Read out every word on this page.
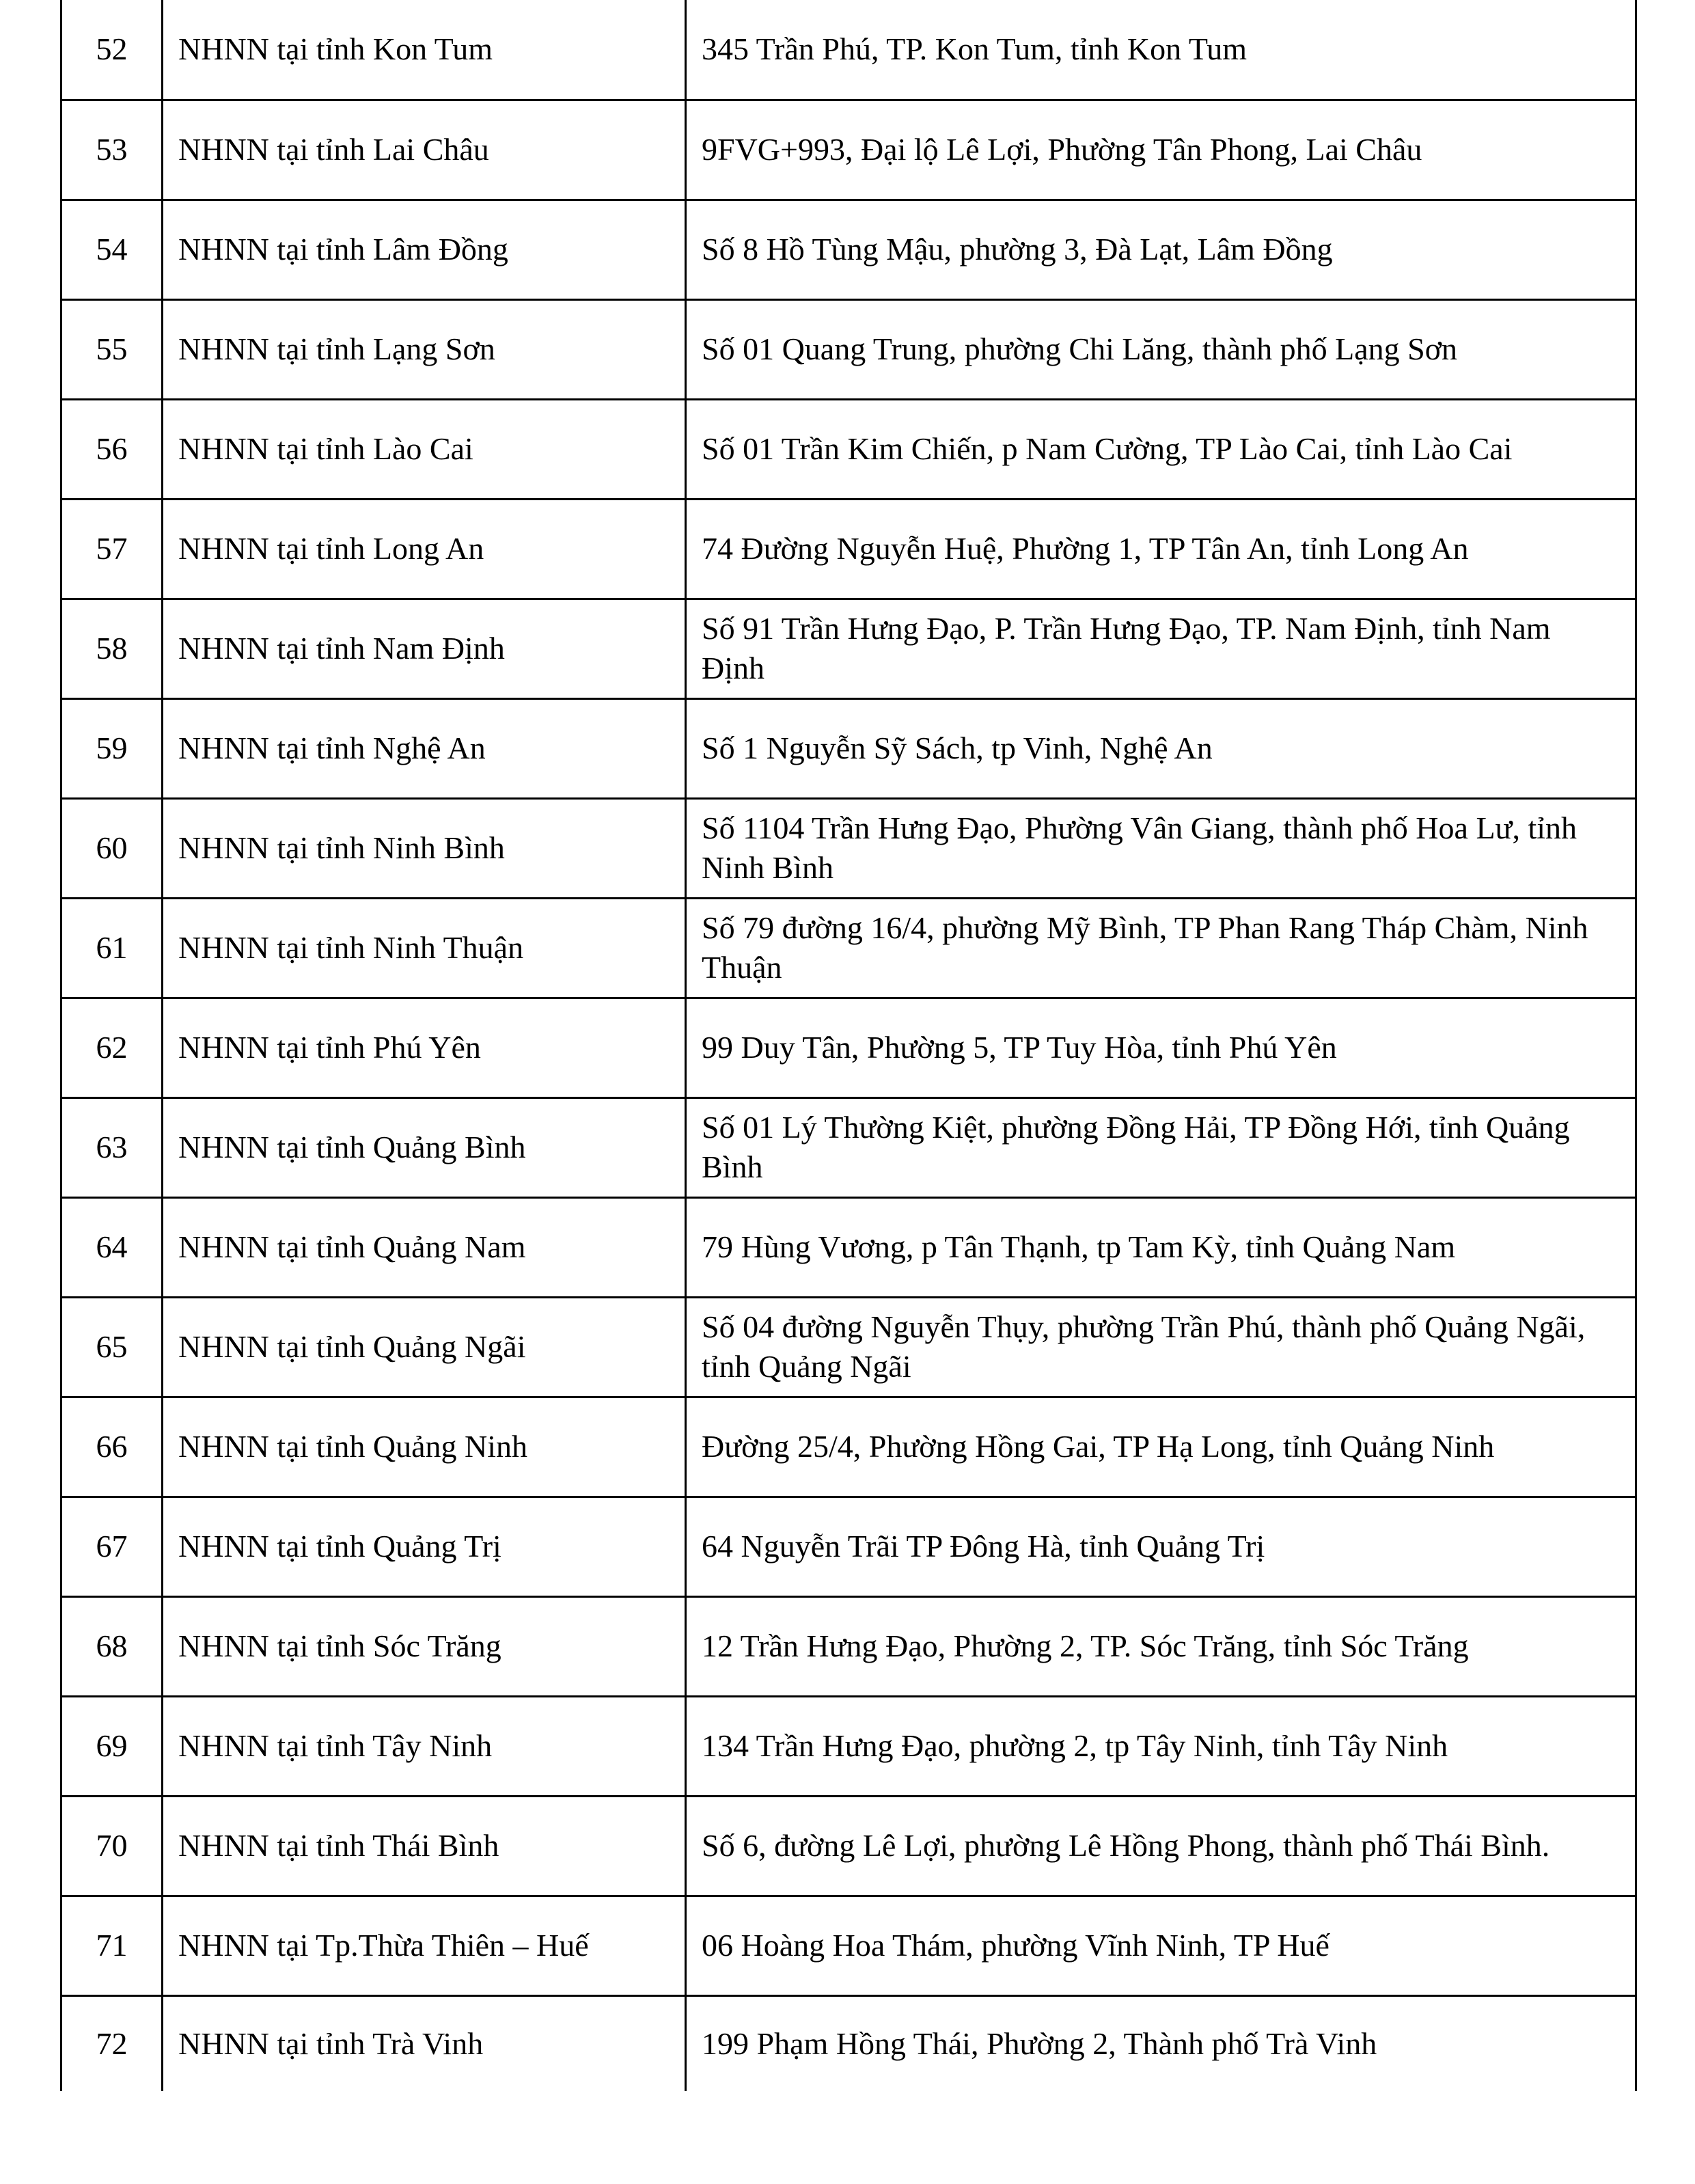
52	NHNN tại tỉnh Kon Tum	345 Trần Phú, TP. Kon Tum, tỉnh Kon Tum
53	NHNN tại tỉnh Lai Châu	9FVG+993, Đại lộ Lê Lợi, Phường Tân Phong, Lai Châu
54	NHNN tại tỉnh Lâm Đồng	Số 8 Hồ Tùng Mậu, phường 3, Đà Lạt, Lâm Đồng
55	NHNN tại tỉnh Lạng Sơn	Số 01 Quang Trung, phường Chi Lăng, thành phố Lạng Sơn
56	NHNN tại tỉnh Lào Cai	Số 01 Trần Kim Chiến, p Nam Cường, TP Lào Cai, tỉnh Lào Cai
57	NHNN tại tỉnh Long An	74 Đường Nguyễn Huệ, Phường 1, TP Tân An, tỉnh Long An
58	NHNN tại tỉnh Nam Định	Số 91 Trần Hưng Đạo, P. Trần Hưng Đạo, TP. Nam Định, tỉnh Nam Định
59	NHNN tại tỉnh Nghệ An	Số 1 Nguyễn Sỹ Sách, tp Vinh, Nghệ An
60	NHNN tại tỉnh Ninh Bình	Số 1104 Trần Hưng Đạo, Phường Vân Giang, thành phố Hoa Lư, tỉnh Ninh Bình
61	NHNN tại tỉnh Ninh Thuận	Số 79 đường 16/4, phường Mỹ Bình, TP Phan Rang Tháp Chàm, Ninh Thuận
62	NHNN tại tỉnh Phú Yên	99 Duy Tân, Phường 5, TP Tuy Hòa, tỉnh Phú Yên
63	NHNN tại tỉnh Quảng Bình	Số 01 Lý Thường Kiệt, phường Đồng Hải, TP Đồng Hới, tỉnh Quảng Bình
64	NHNN tại tỉnh Quảng Nam	79 Hùng Vương, p Tân Thạnh, tp Tam Kỳ, tỉnh Quảng Nam
65	NHNN tại tỉnh Quảng Ngãi	Số 04 đường Nguyễn Thụy, phường Trần Phú, thành phố Quảng Ngãi, tỉnh Quảng Ngãi
66	NHNN tại tỉnh Quảng Ninh	Đường 25/4, Phường Hồng Gai, TP Hạ Long, tỉnh Quảng Ninh
67	NHNN tại tỉnh Quảng Trị	64 Nguyễn Trãi TP Đông Hà, tỉnh Quảng Trị
68	NHNN tại tỉnh Sóc Trăng	12 Trần Hưng Đạo, Phường 2, TP. Sóc Trăng, tỉnh Sóc Trăng
69	NHNN tại tỉnh Tây Ninh	134 Trần Hưng Đạo, phường 2, tp Tây Ninh, tỉnh Tây Ninh
70	NHNN tại tỉnh Thái Bình	Số 6, đường Lê Lợi, phường Lê Hồng Phong, thành phố Thái Bình.
71	NHNN tại Tp.Thừa Thiên – Huế	06 Hoàng Hoa Thám, phường Vĩnh Ninh, TP Huế
72	NHNN tại tỉnh Trà Vinh	199 Phạm Hồng Thái, Phường 2, Thành phố Trà Vinh
